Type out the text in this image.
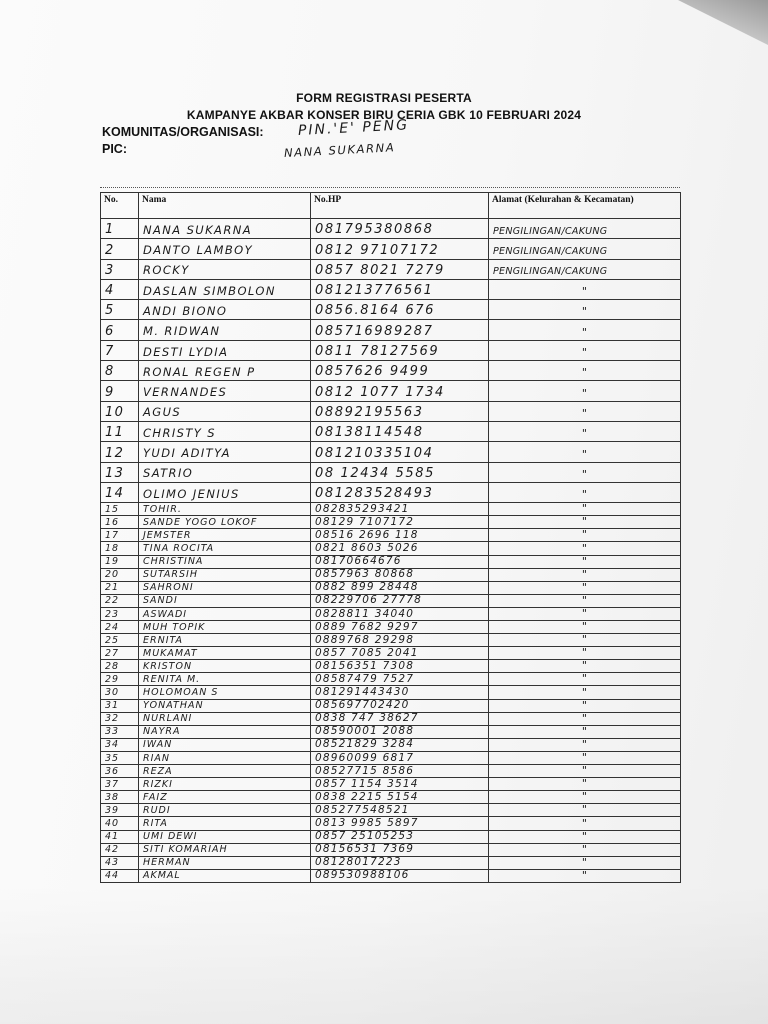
FORM REGISTRASI PESERTA
KAMPANYE AKBAR KONSER BIRU CERIA GBK 10 FEBRUARI 2024
KOMUNITAS/ORGANISASI: PIN.'E' PENG
PIC:	NANA SUKARNA
No.	Nama	No.HP	Alamat (Kelurahan & Kecamatan)
1	NANA SUKARNA	081795380868	PENGILINGAN/CAKUNG
2	DANTO LAMBOY	0812 97107172	PENGILINGAN/CAKUNG
3	ROCKY	0857 8021 7279	PENGILINGAN/CAKUNG
4	DASLAN SIMBOLON	081213776561	"
5	ANDI BIONO	0856.8164 676	"
6	M. RIDWAN	085716989287	"
7	DESTI LYDIA	0811 78127569	"
8	RONAL REGEN P	0857626 9499	"
9	VERNANDES	0812 1077 1734	"
10	AGUS	08892195563	"
11	CHRISTY S	08138114548	"
12	YUDI ADITYA	081210335104	"
13	SATRIO	08 12434 5585	"
14	OLIMO JENIUS	081283528493	"
15	TOHIR.	082835293421	"
16	SANDE YOGO LOKOF	08129 7107172	"
17	JEMSTER	08516 2696 118	"
18	TINA ROCITA	0821 8603 5026	"
19	CHRISTINA	08170664676	"
20	SUTARSIH	0857963 80868	"
21	SAHRONI	0882 899 28448	"
22	SANDI	08229706 27778	"
23	ASWADI	0828811 34040	"
24	MUH TOPIK	0889 7682 9297	"
25	ERNITA	0889768 29298	"
27	MUKAMAT	0857 7085 2041	"
28	KRISTON	08156351 7308	"
29	RENITA M.	08587479 7527	"
30	HOLOMOAN S	081291443430	"
31	YONATHAN	085697702420	"
32	NURLANI	0838 747 38627	"
33	NAYRA	08590001 2088	"
34	IWAN	08521829 3284	"
35	RIAN	08960099 6817	"
36	REZA	08527715 8586	"
37	RIZKI	0857 1154 3514	"
38	FAIZ	0838 2215 5154	"
39	RUDI	085277548521	"
40	RITA	0813 9985 5897	"
41	UMI DEWI	0857 25105253	"
42	SITI KOMARIAH	08156531 7369	"
43	HERMAN	08128017223	"
44	AKMAL	089530988106	"
